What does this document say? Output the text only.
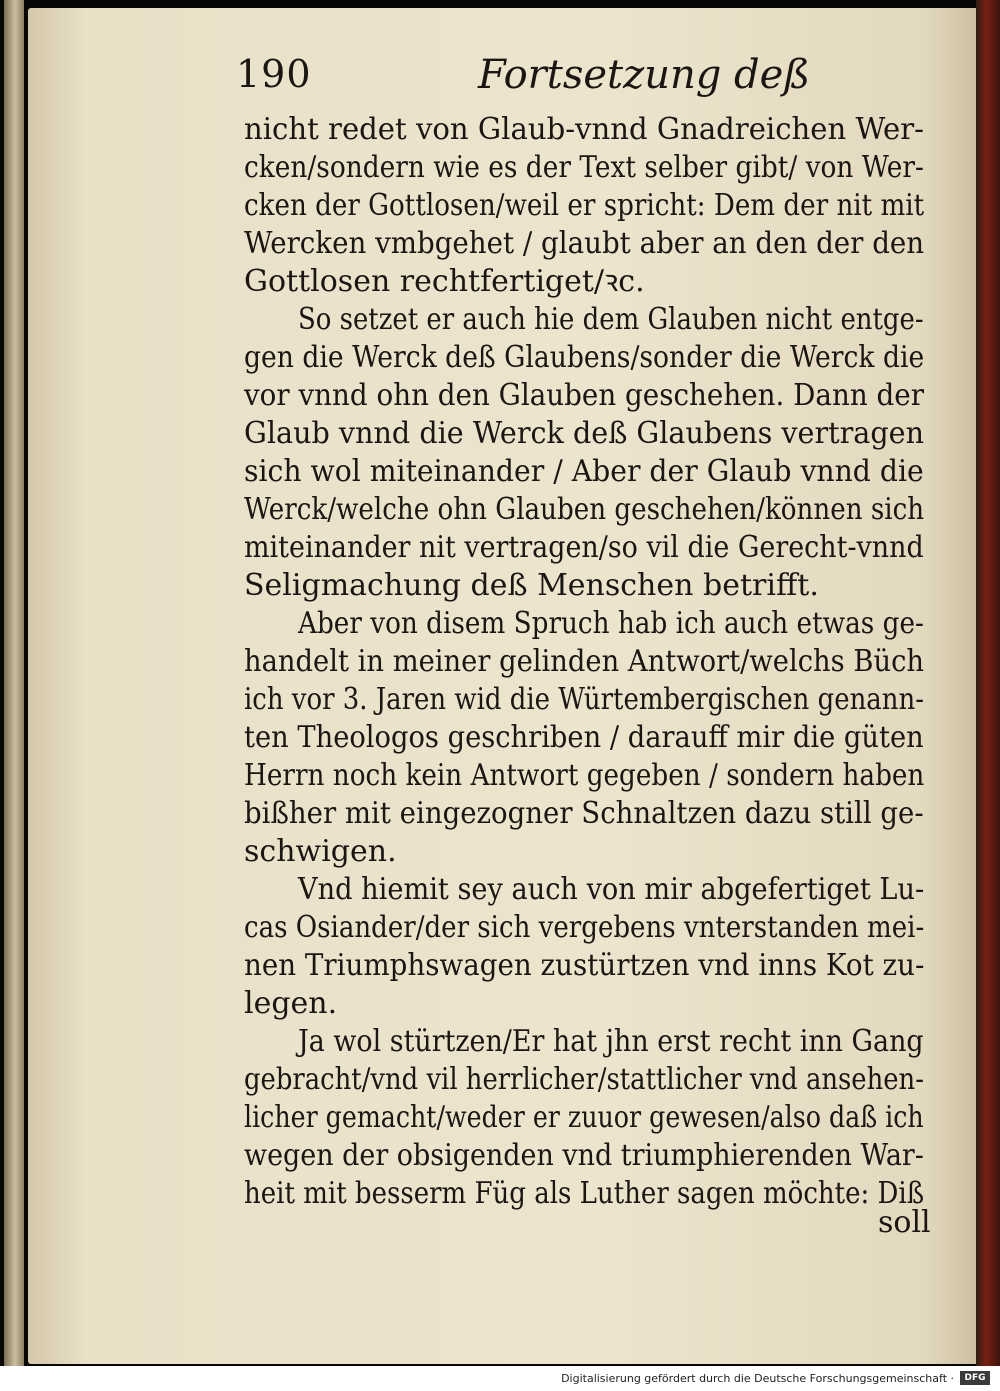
190	Fortsetzung deß
nicht redet von Glaub-vnnd Gnadreichen Wer-
cken/sondern wie es der Text selber gibt/ von Wer-
cken der Gottlosen/weil er spricht: Dem der nit mit
Wercken vmbgehet / glaubt aber an den der den
Gottlosen rechtfertiget/ꝛc.
So setzet er auch hie dem Glauben nicht entge-
gen die Werck deß Glaubens/sonder die Werck die
vor vnnd ohn den Glauben geschehen. Dann der
Glaub vnnd die Werck deß Glaubens vertragen
sich wol miteinander / Aber der Glaub vnnd die
Werck/welche ohn Glauben geschehen/können sich
miteinander nit vertragen/so vil die Gerecht-vnnd
Seligmachung deß Menschen betrifft.
Aber von disem Spruch hab ich auch etwas ge-
handelt in meiner gelinden Antwort/welchs Büch
ich vor 3. Jaren wid die Würtembergischen genann-
ten Theologos geschriben / darauff mir die güten
Herrn noch kein Antwort gegeben / sondern haben
bißher mit eingezogner Schnaltzen dazu still ge-
schwigen.
Vnd hiemit sey auch von mir abgefertiget Lu-
cas Osiander/der sich vergebens vnterstanden mei-
nen Triumphswagen zustürtzen vnd inns Kot zu-
legen.
Ja wol stürtzen/Er hat jhn erst recht inn Gang
gebracht/vnd vil herrlicher/stattlicher vnd ansehen-
licher gemacht/weder er zuuor gewesen/also daß ich
wegen der obsigenden vnd triumphierenden War-
heit mit besserm Füg als Luther sagen möchte: Diß
soll
Digitalisierung gefördert durch die Deutsche Forschungsgemeinschaft ·	DFG
